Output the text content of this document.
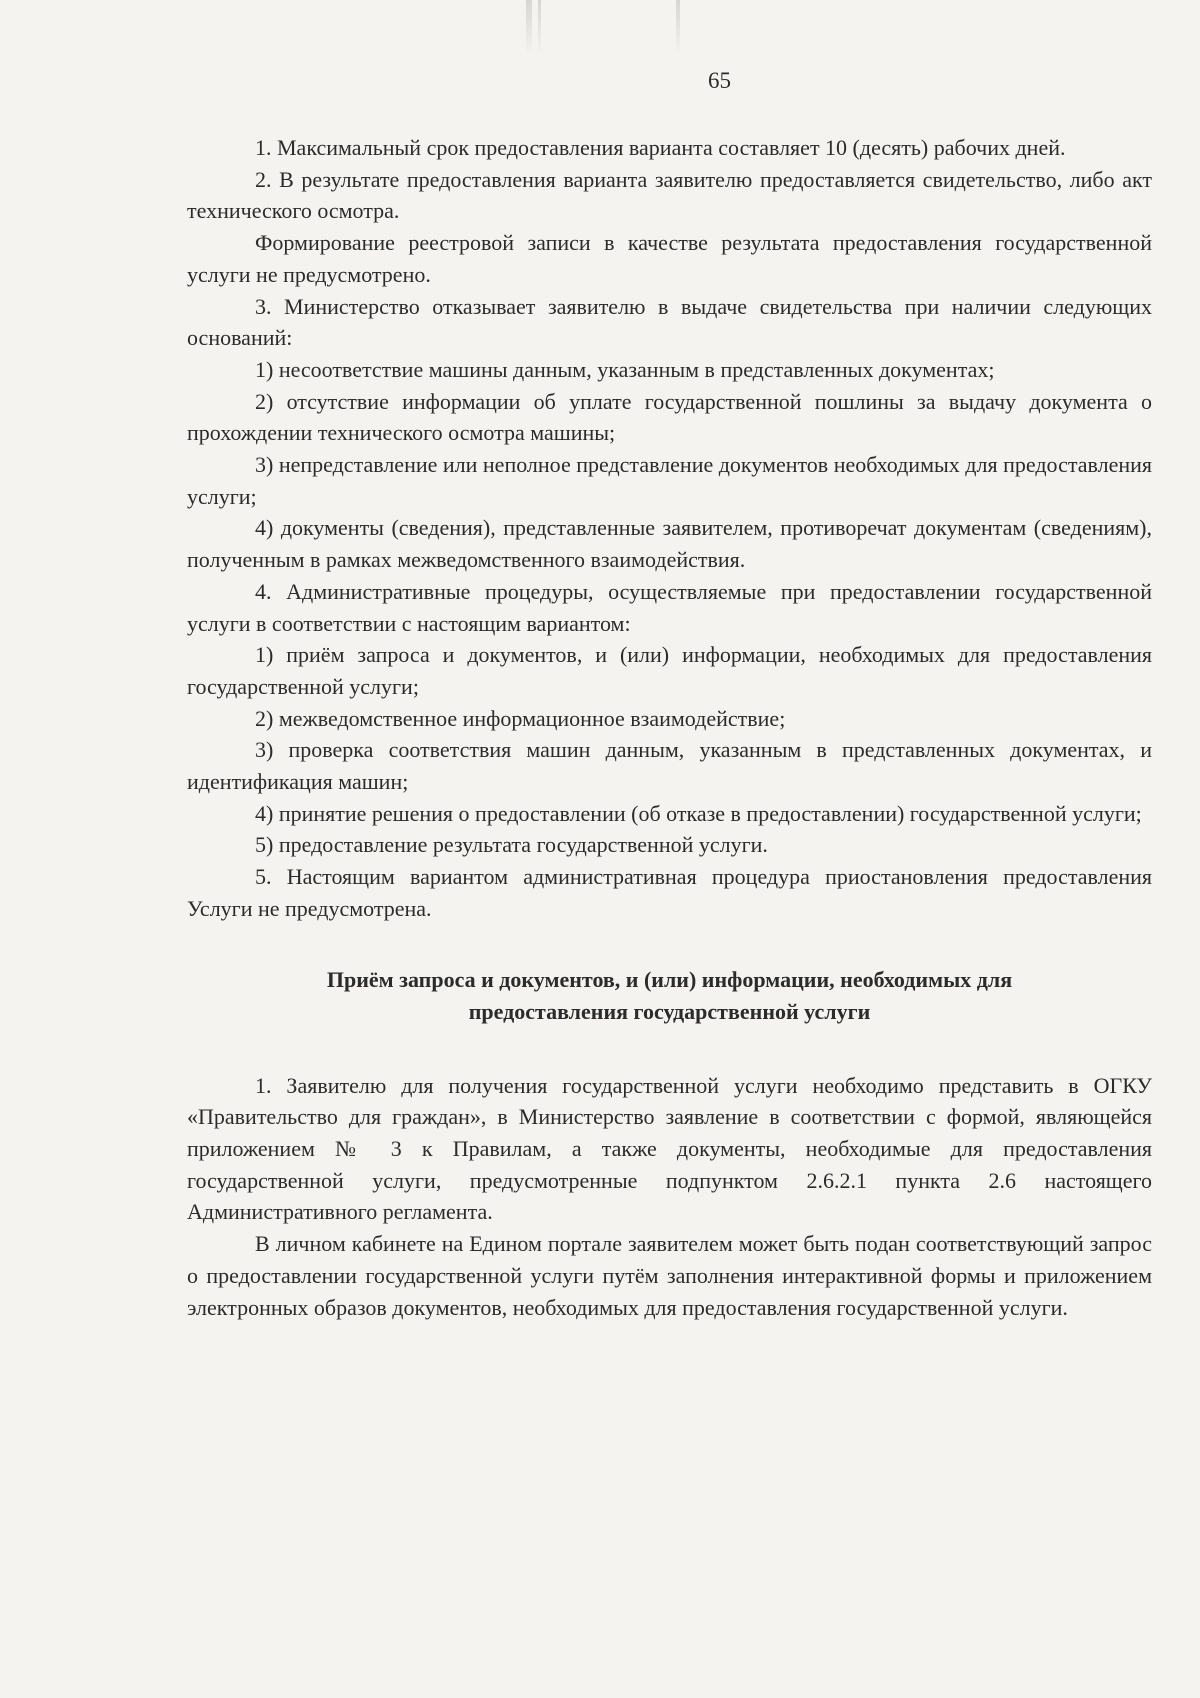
65

1. Максимальный срок предоставления варианта составляет 10 (десять) рабочих дней.

2. В результате предоставления варианта заявителю предоставляется свидетельство, либо акт технического осмотра.

Формирование реестровой записи в качестве результата предоставления государственной услуги не предусмотрено.

3. Министерство отказывает заявителю в выдаче свидетельства при наличии следующих оснований:

1) несоответствие машины данным, указанным в представленных документах;

2) отсутствие информации об уплате государственной пошлины за выдачу документа о прохождении технического осмотра машины;

3) непредставление или неполное представление документов необходимых для предоставления услуги;

4) документы (сведения), представленные заявителем, противоречат документам (сведениям), полученным в рамках межведомственного взаимодействия.

4. Административные процедуры, осуществляемые при предоставлении государственной услуги в соответствии с настоящим вариантом:

1) приём запроса и документов, и (или) информации, необходимых для предоставления государственной услуги;

2) межведомственное информационное взаимодействие;

3) проверка соответствия машин данным, указанным в представленных документах, и идентификация машин;

4) принятие решения о предоставлении (об отказе в предоставлении) государственной услуги;

5) предоставление результата государственной услуги.

5. Настоящим вариантом административная процедура приостановления предоставления Услуги не предусмотрена.

Приём запроса и документов, и (или) информации, необходимых для
предоставления государственной услуги

1. Заявителю для получения государственной услуги необходимо представить в ОГКУ «Правительство для граждан», в Министерство заявление в соответствии с формой, являющейся приложением № 3 к Правилам, а также документы, необходимые для предоставления государственной услуги, предусмотренные подпунктом 2.6.2.1 пункта 2.6 настоящего Административного регламента.

В личном кабинете на Едином портале заявителем может быть подан соответствующий запрос о предоставлении государственной услуги путём заполнения интерактивной формы и приложением электронных образов документов, необходимых для предоставления государственной услуги.
